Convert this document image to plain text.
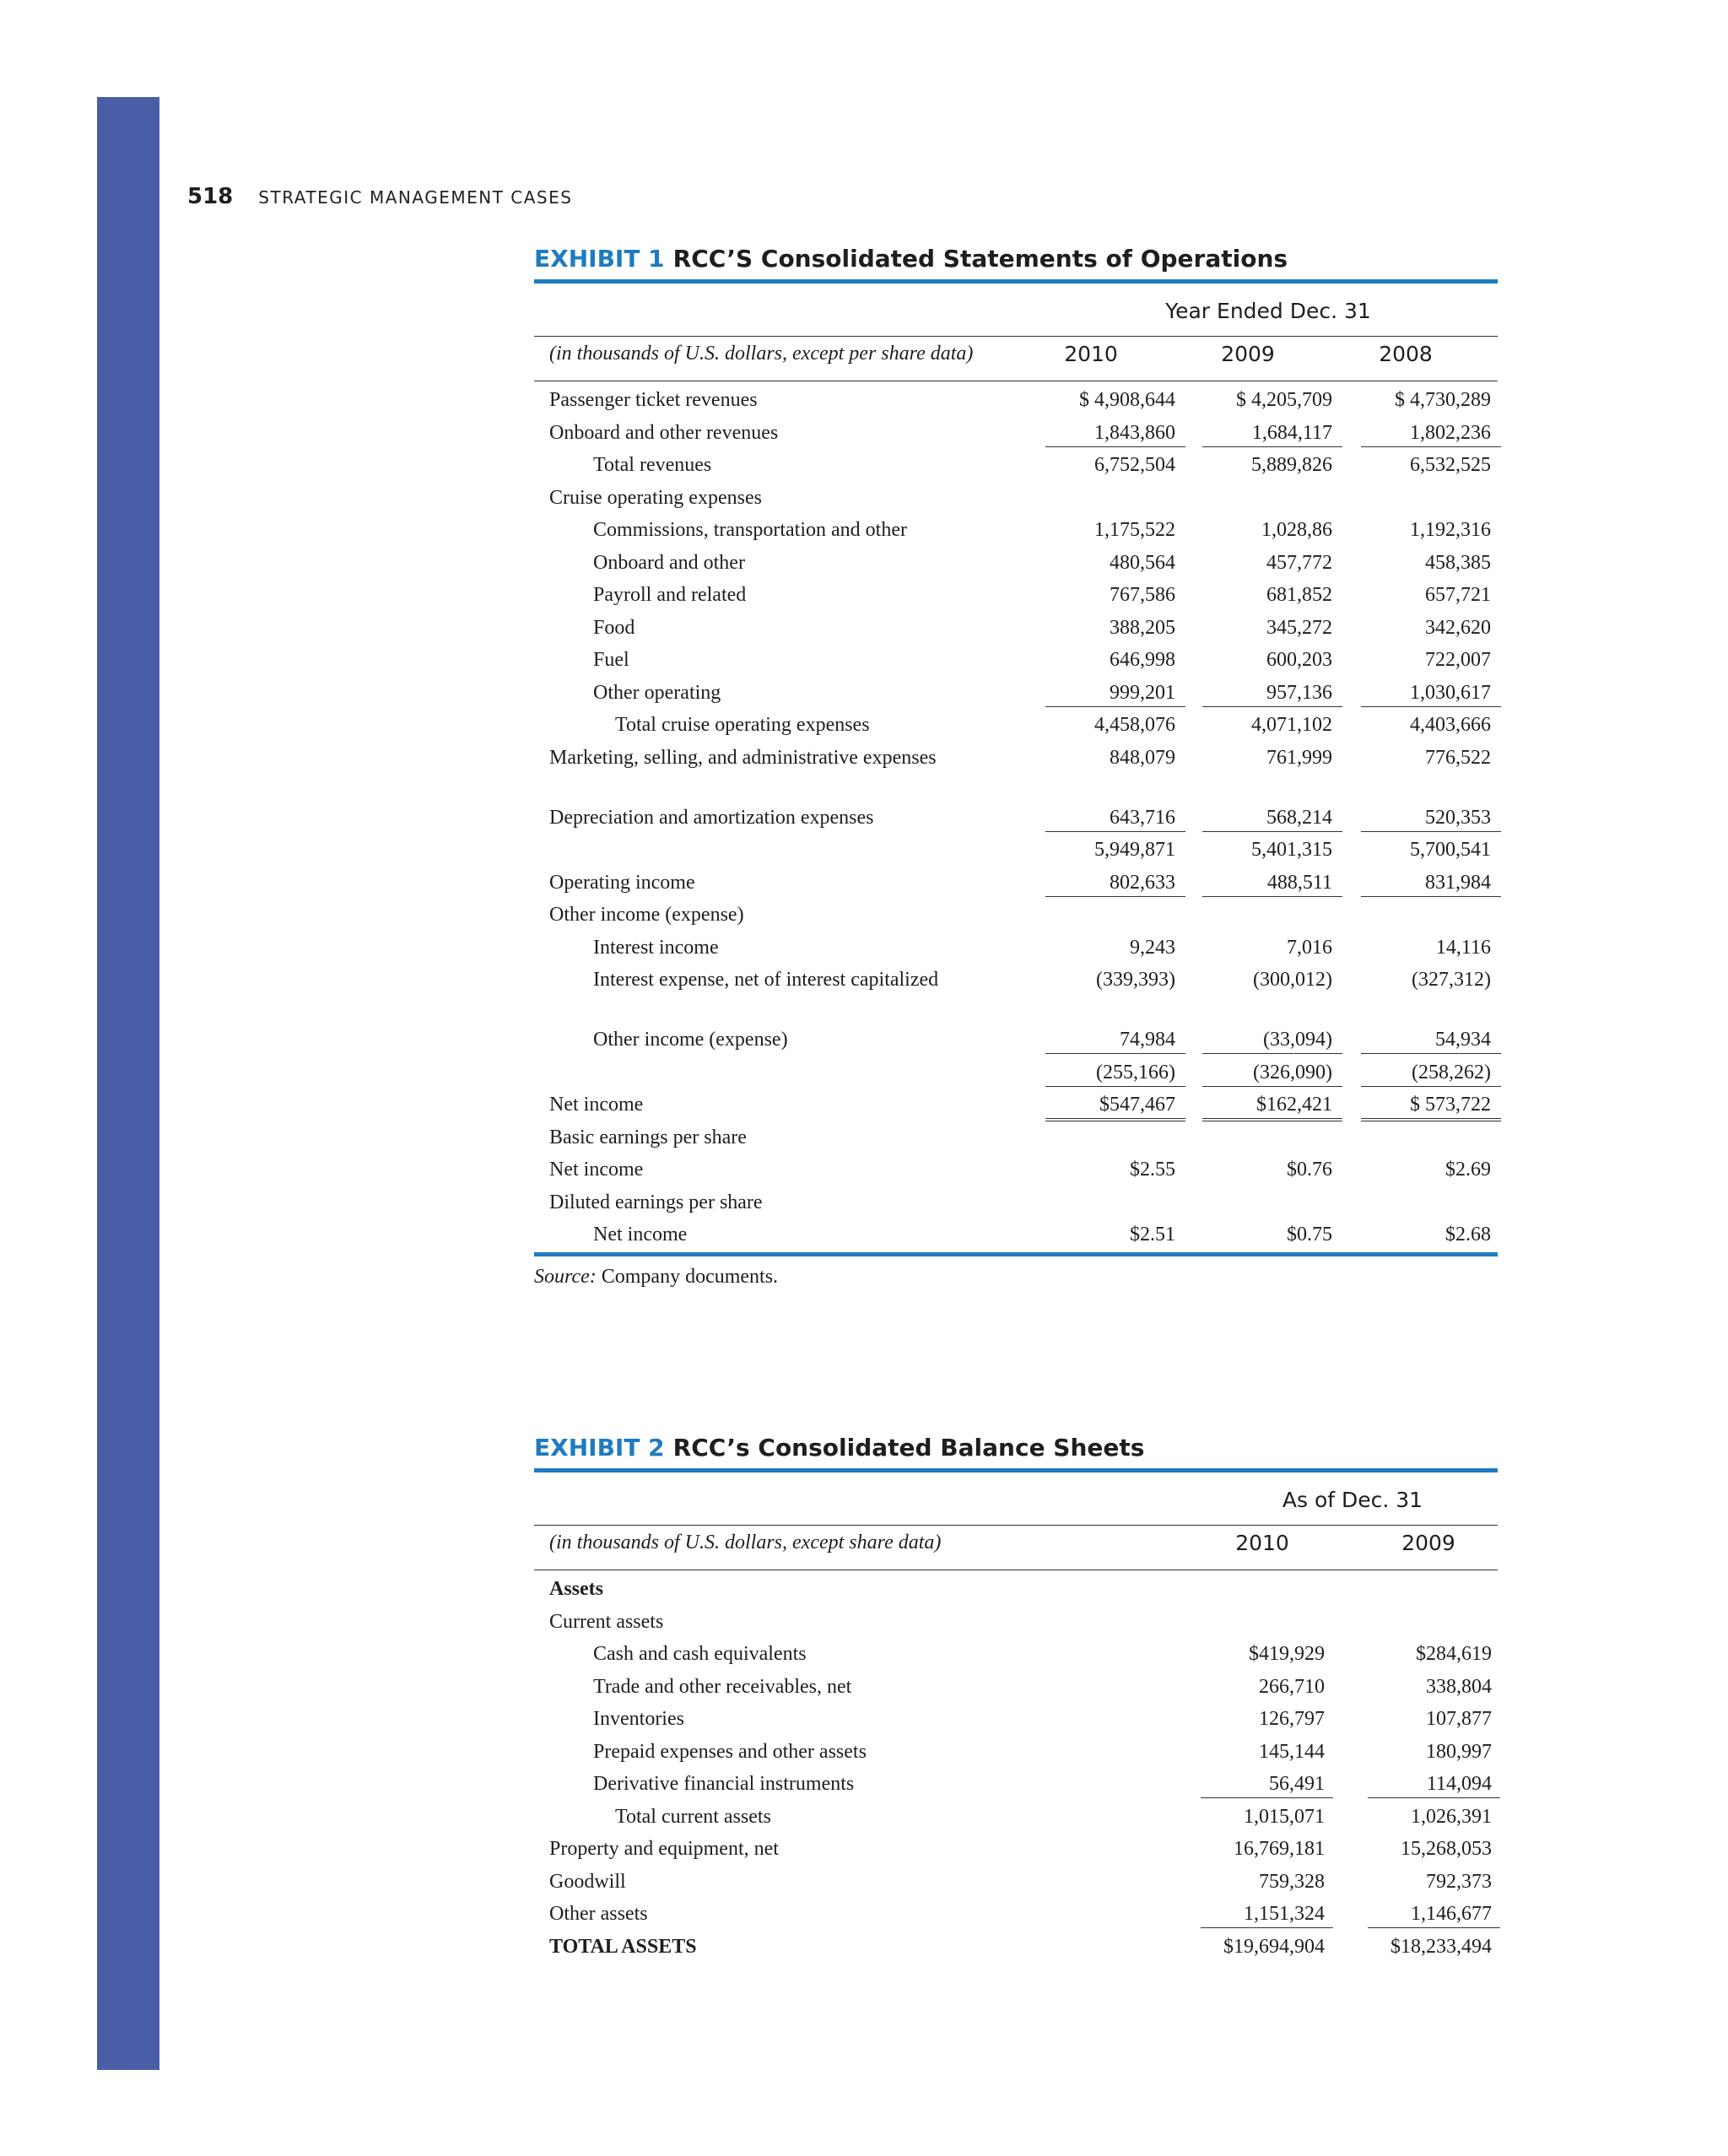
518 STRATEGIC MANAGEMENT CASES
EXHIBIT 1 RCC’S Consolidated Statements of Operations
Year Ended Dec. 31
(in thousands of U.S. dollars, except per share data)	2010	2009	2008
Passenger ticket revenues	$ 4,908,644	$ 4,205,709	$ 4,730,289
Onboard and other revenues	1,843,860	1,684,117	1,802,236
Total revenues	6,752,504	5,889,826	6,532,525
Cruise operating expenses
Commissions, transportation and other	1,175,522	1,028,86	1,192,316
Onboard and other	480,564	457,772	458,385
Payroll and related	767,586	681,852	657,721
Food	388,205	345,272	342,620
Fuel	646,998	600,203	722,007
Other operating	999,201	957,136	1,030,617
Total cruise operating expenses	4,458,076	4,071,102	4,403,666
Marketing, selling, and administrative expenses	848,079	761,999	776,522
Depreciation and amortization expenses	643,716	568,214	520,353
5,949,871	5,401,315	5,700,541
Operating income	802,633	488,511	831,984
Other income (expense)
Interest income	9,243	7,016	14,116
Interest expense, net of interest capitalized	(339,393)	(300,012)	(327,312)
Other income (expense)	74,984	(33,094)	54,934
(255,166)	(326,090)	(258,262)
Net income	$547,467	$162,421	$ 573,722
Basic earnings per share
Net income	$2.55	$0.76	$2.69
Diluted earnings per share
Net income	$2.51	$0.75	$2.68
Source: Company documents.
EXHIBIT 2 RCC’s Consolidated Balance Sheets
As of Dec. 31
(in thousands of U.S. dollars, except share data)	2010	2009
Assets
Current assets
Cash and cash equivalents	$419,929	$284,619
Trade and other receivables, net	266,710	338,804
Inventories	126,797	107,877
Prepaid expenses and other assets	145,144	180,997
Derivative financial instruments	56,491	114,094
Total current assets	1,015,071	1,026,391
Property and equipment, net	16,769,181	15,268,053
Goodwill	759,328	792,373
Other assets	1,151,324	1,146,677
TOTAL ASSETS	$19,694,904	$18,233,494
